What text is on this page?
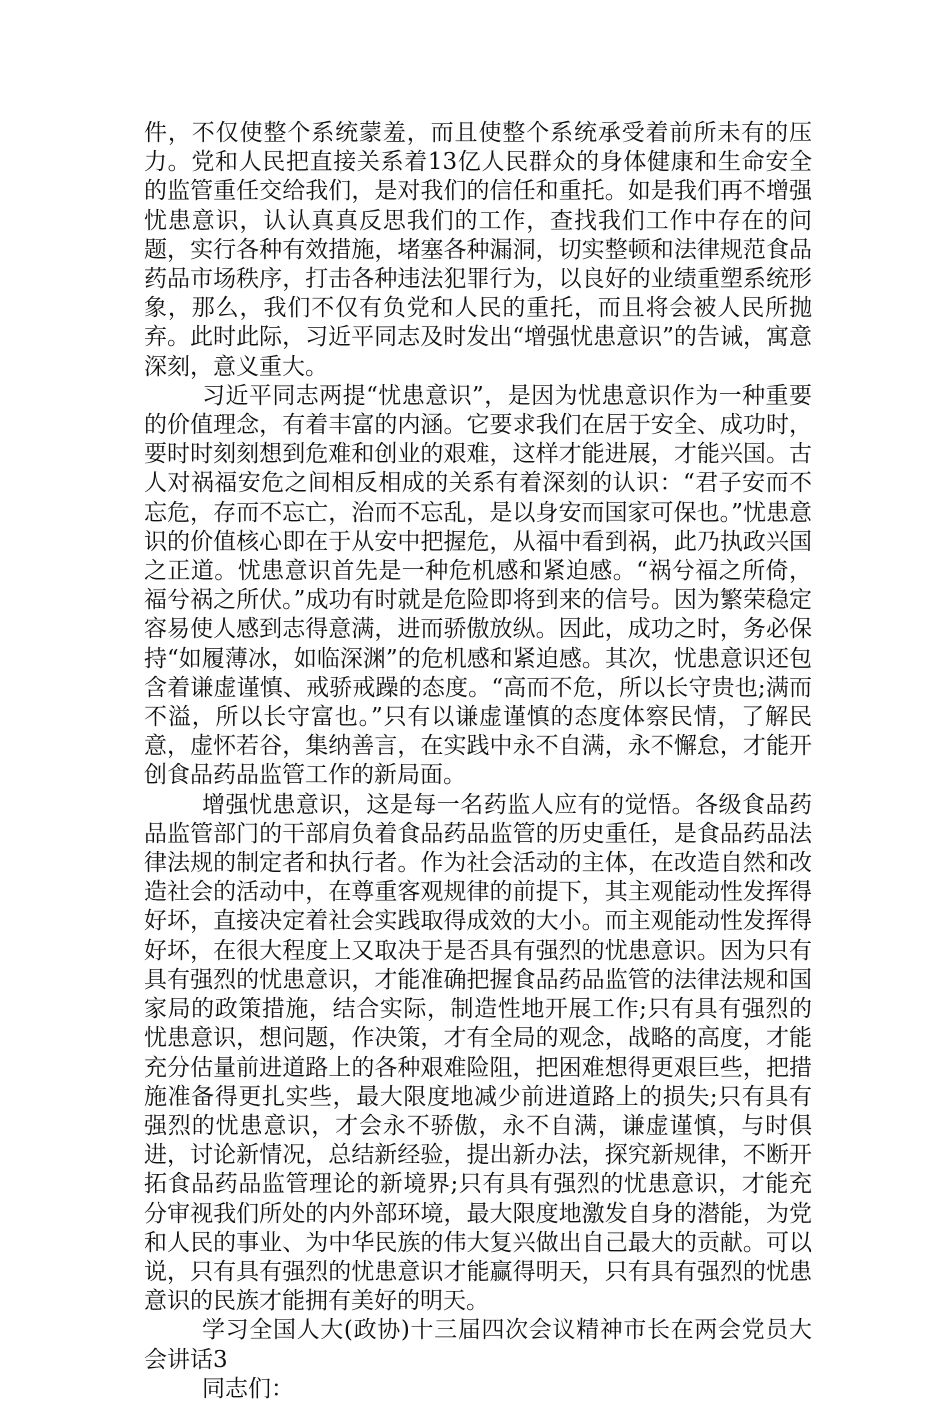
件，不仅使整个系统蒙羞，而且使整个系统承受着前所未有的压力。党和人民把直接关系着13亿人民群众的身体健康和生命安全的监管重任交给我们，是对我们的信任和重托。如是我们再不增强忧患意识，认认真真反思我们的工作，查找我们工作中存在的问题，实行各种有效措施，堵塞各种漏洞，切实整顿和法律规范食品药品市场秩序，打击各种违法犯罪行为，以良好的业绩重塑系统形象，那么，我们不仅有负党和人民的重托，而且将会被人民所抛弃。此时此际，习近平同志及时发出“增强忧患意识”的告诫，寓意深刻，意义重大。

习近平同志两提“忧患意识”，是因为忧患意识作为一种重要的价值理念，有着丰富的内涵。它要求我们在居于安全、成功时，要时时刻刻想到危难和创业的艰难，这样才能进展，才能兴国。古人对祸福安危之间相反相成的关系有着深刻的认识：“君子安而不忘危，存而不忘亡，治而不忘乱，是以身安而国家可保也。”忧患意识的价值核心即在于从安中把握危，从福中看到祸，此乃执政兴国之正道。忧患意识首先是一种危机感和紧迫感。“祸兮福之所倚，福兮祸之所伏。”成功有时就是危险即将到来的信号。因为繁荣稳定容易使人感到志得意满，进而骄傲放纵。因此，成功之时，务必保持“如履薄冰，如临深渊”的危机感和紧迫感。其次，忧患意识还包含着谦虚谨慎、戒骄戒躁的态度。“高而不危，所以长守贵也;满而不溢，所以长守富也。”只有以谦虚谨慎的态度体察民情，了解民意，虚怀若谷，集纳善言，在实践中永不自满，永不懈怠，才能开创食品药品监管工作的新局面。

增强忧患意识，这是每一名药监人应有的觉悟。各级食品药品监管部门的干部肩负着食品药品监管的历史重任，是食品药品法律法规的制定者和执行者。作为社会活动的主体，在改造自然和改造社会的活动中，在尊重客观规律的前提下，其主观能动性发挥得好坏，直接决定着社会实践取得成效的大小。而主观能动性发挥得好坏，在很大程度上又取决于是否具有强烈的忧患意识。因为只有具有强烈的忧患意识，才能准确把握食品药品监管的法律法规和国家局的政策措施，结合实际，制造性地开展工作;只有具有强烈的忧患意识，想问题，作决策，才有全局的观念，战略的高度，才能充分估量前进道路上的各种艰难险阻，把困难想得更艰巨些，把措施准备得更扎实些，最大限度地减少前进道路上的损失;只有具有强烈的忧患意识，才会永不骄傲，永不自满，谦虚谨慎，与时俱进，讨论新情况，总结新经验，提出新办法，探究新规律，不断开拓食品药品监管理论的新境界;只有具有强烈的忧患意识，才能充分审视我们所处的内外部环境，最大限度地激发自身的潜能，为党和人民的事业、为中华民族的伟大复兴做出自己最大的贡献。可以说，只有具有强烈的忧患意识才能赢得明天，只有具有强烈的忧患意识的民族才能拥有美好的明天。

学习全国人大(政协)十三届四次会议精神市长在两会党员大会讲话3

同志们：
